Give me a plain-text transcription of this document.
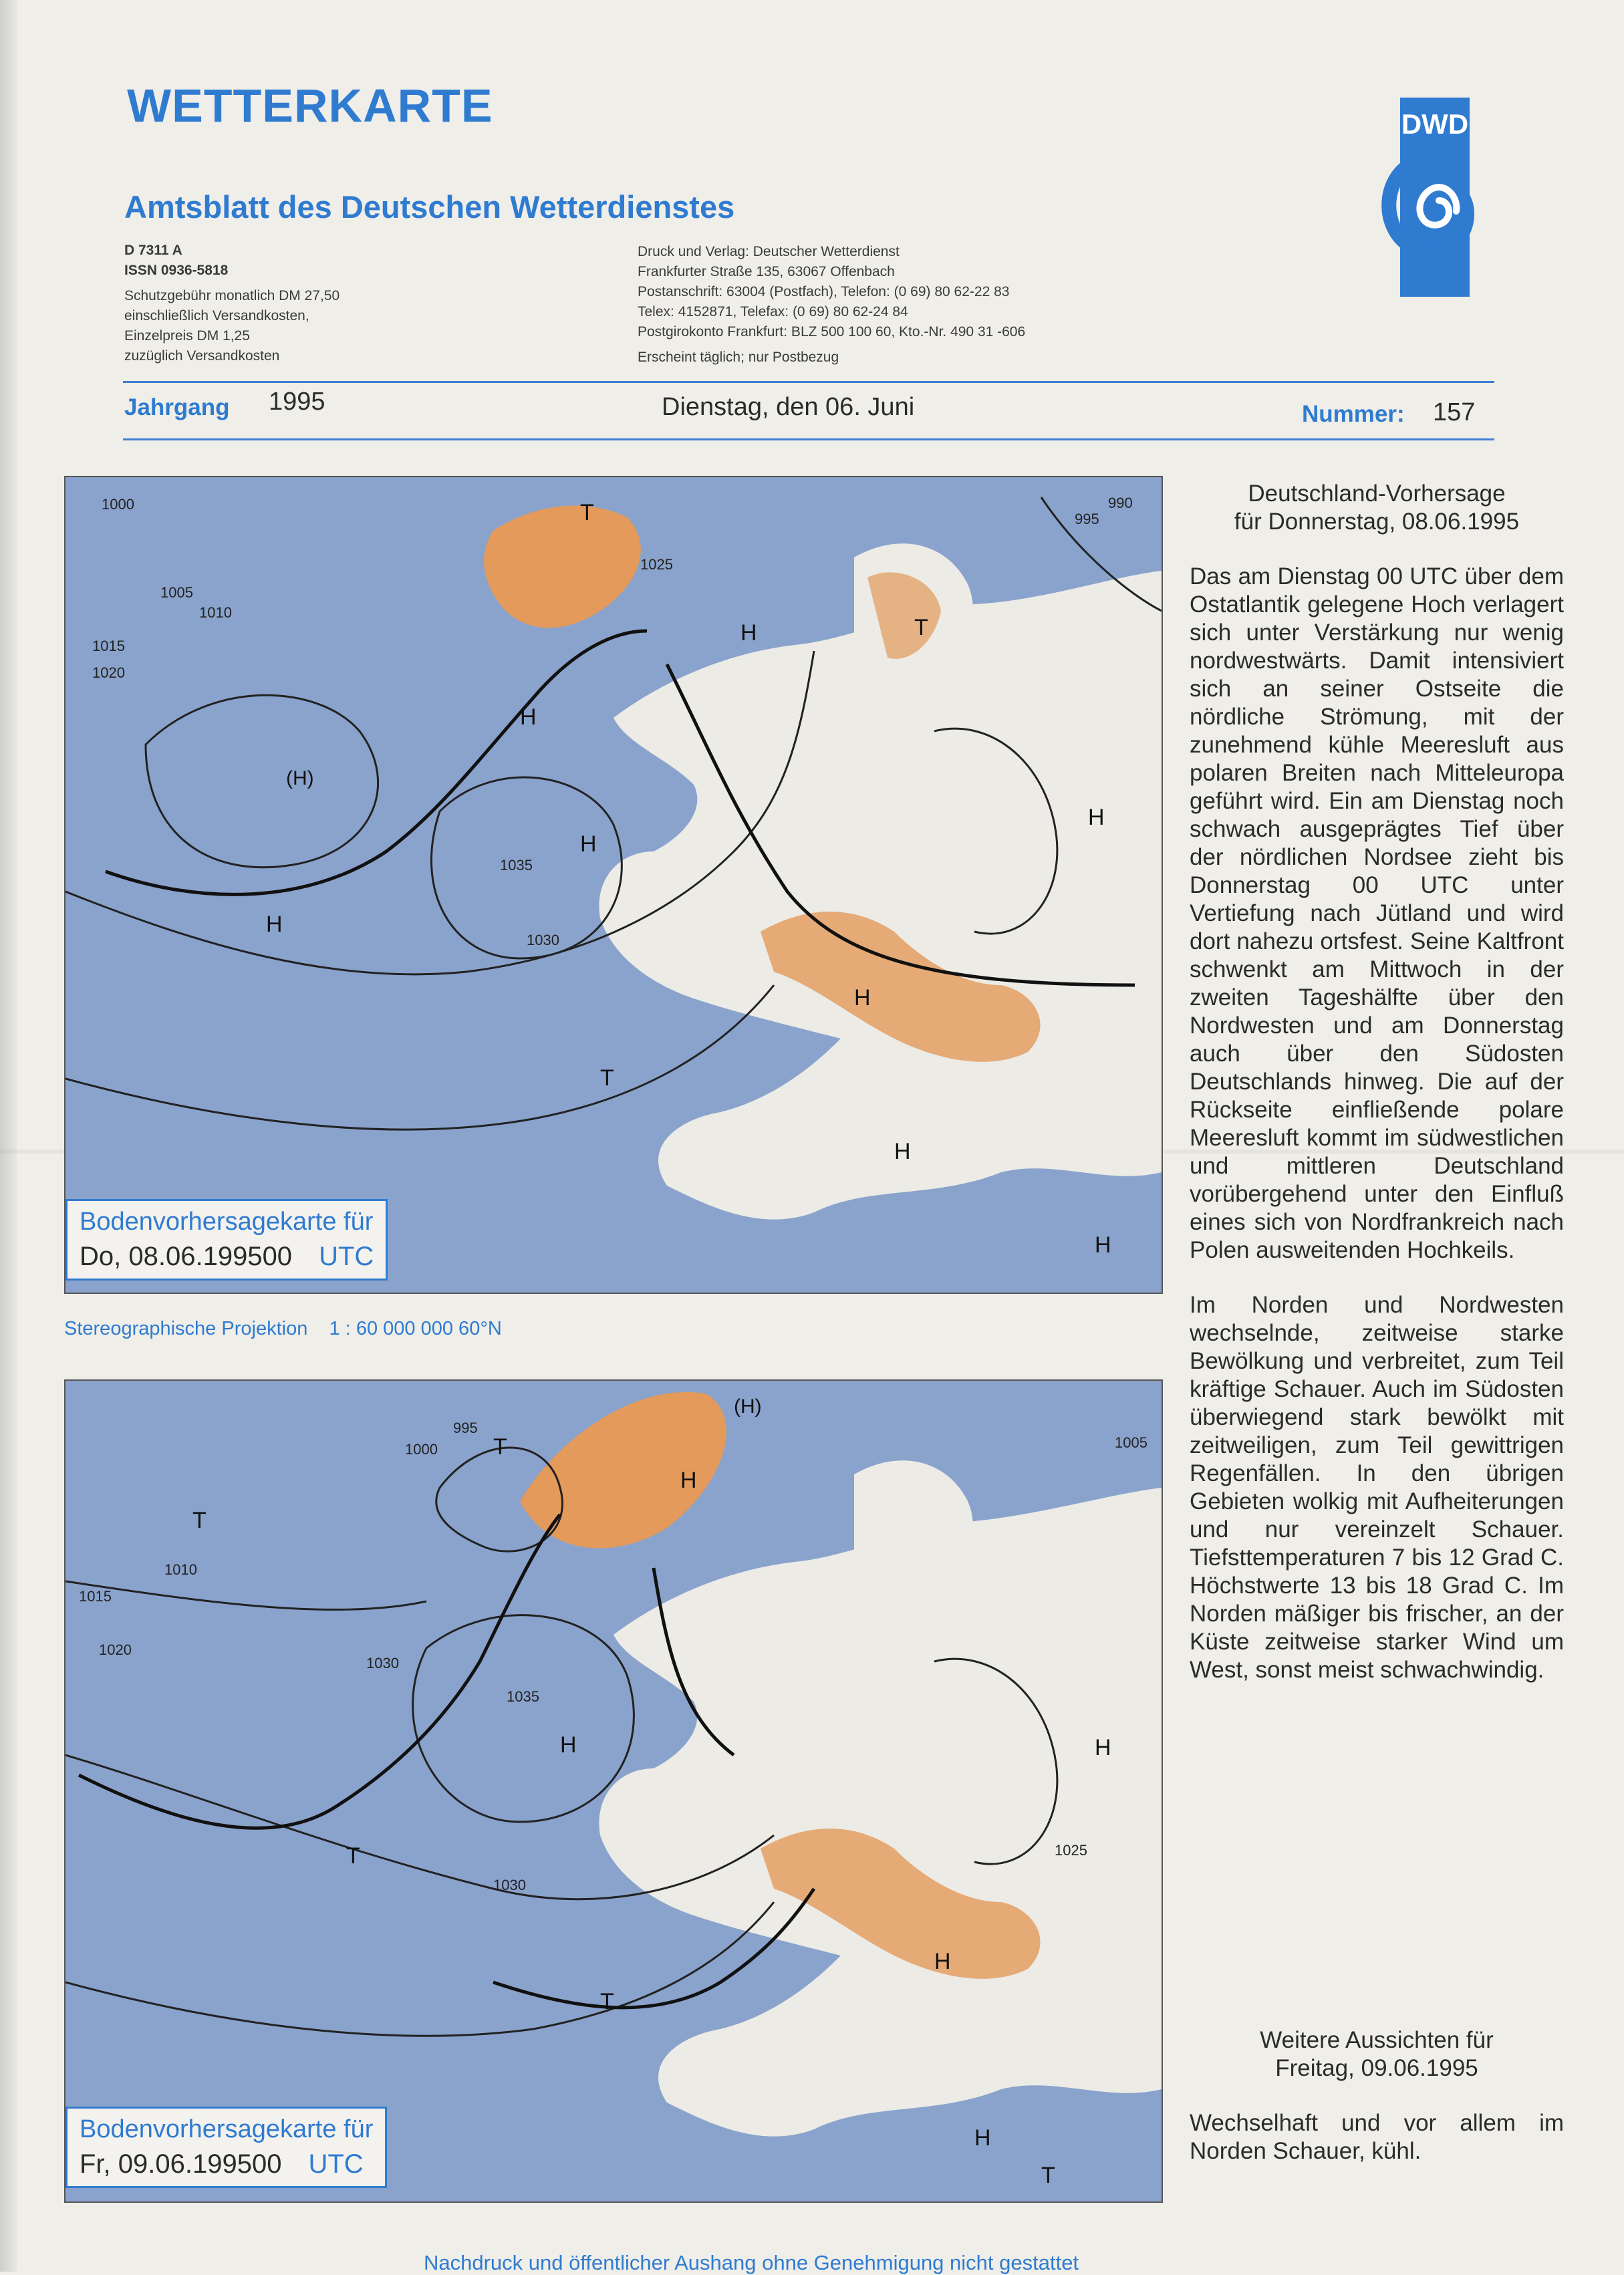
WETTERKARTE
Amtsblatt des Deutschen Wetterdienstes
D 7311 A
ISSN 0936-5818
Schutzgebühr monatlich DM 27,50
einschließlich Versandkosten,
Einzelpreis DM 1,25
zuzüglich Versandkosten
Druck und Verlag: Deutscher Wetterdienst
Frankfurter Straße 135, 63067 Offenbach
Postanschrift: 63004 (Postfach), Telefon: (0 69) 80 62-22 83
Telex: 4152871, Telefax: (0 69) 80 62-24 84
Postgirokonto Frankfurt: BLZ 500 100 60, Kto.-Nr. 490 31 -606
Erscheint täglich; nur Postbezug
DWD
Jahrgang 1995	Dienstag, den 06. Juni	Nummer: 157
1000
1005
1010
1015
1020
1025
1030
1035
995
990
T
H
H
H
(H)
H	T
H
H
T
H
H
Bodenvorhersagekarte für
Do, 08.06.199500 UTC
Stereographische Projektion 1 : 60 000 000 60°N
995
1000	1005
1010
1015
1020
1030
1035
1030
1025
H
H
(H)
T
T
T
H
H
T
H
T
Bodenvorhersagekarte für
Fr, 09.06.199500 UTC
Deutschland-Vorhersage
für Donnerstag, 08.06.1995

Das am Dienstag 00 UTC über dem Ostatlantik gelegene Hoch verlagert sich unter Verstärkung nur wenig nordwestwärts. Damit intensiviert sich an seiner Ostseite die nördliche Strömung, mit der zunehmend kühle Meeresluft aus polaren Breiten nach Mitteleuropa geführt wird. Ein am Dienstag noch schwach ausgeprägtes Tief über der nördlichen Nordsee zieht bis Donnerstag 00 UTC unter Vertiefung nach Jütland und wird dort nahezu ortsfest. Seine Kaltfront schwenkt am Mittwoch in der zweiten Tageshälfte über den Nordwesten und am Donnerstag auch über den Südosten Deutschlands hinweg. Die auf der Rückseite einfließende polare Meeresluft kommt im südwestlichen und mittleren Deutschland vorübergehend unter den Einfluß eines sich von Nordfrankreich nach Polen ausweitenden Hochkeils.

Im Norden und Nordwesten wechselnde, zeitweise starke Bewölkung und verbreitet, zum Teil kräftige Schauer. Auch im Südosten überwiegend stark bewölkt mit zeitweiligen, zum Teil gewittrigen Regenfällen. In den übrigen Gebieten wolkig mit Aufheiterungen und nur vereinzelt Schauer. Tiefsttemperaturen 7 bis 12 Grad C. Höchstwerte 13 bis 18 Grad C. Im Norden mäßiger bis frischer, an der Küste zeitweise starker Wind um West, sonst meist schwachwindig.

Weitere Aussichten für
Freitag, 09.06.1995

Wechselhaft und vor allem im Norden Schauer, kühl.

Nachdruck und öffentlicher Aushang ohne Genehmigung nicht gestattet
